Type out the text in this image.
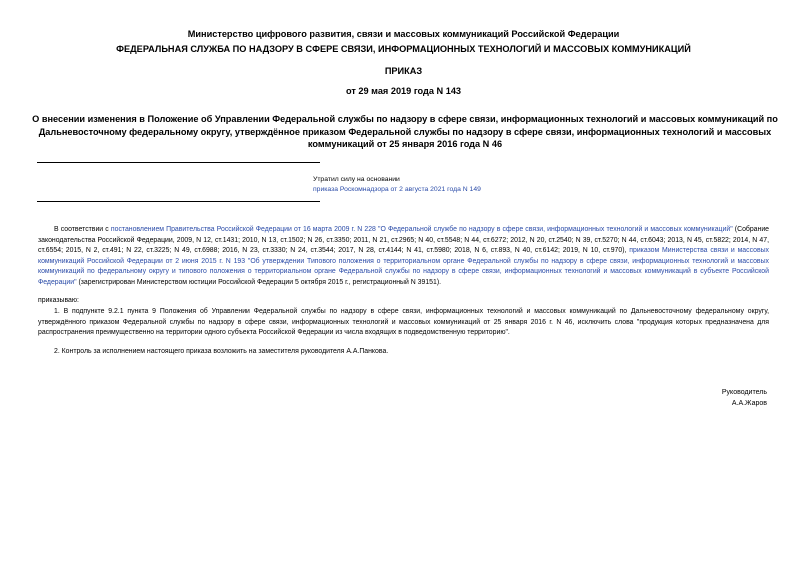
Министерство цифрового развития, связи и массовых коммуникаций Российской Федерации
ФЕДЕРАЛЬНАЯ СЛУЖБА ПО НАДЗОРУ В СФЕРЕ СВЯЗИ, ИНФОРМАЦИОННЫХ ТЕХНОЛОГИЙ И МАССОВЫХ КОММУНИКАЦИЙ
ПРИКАЗ
от 29 мая 2019 года N 143
О внесении изменения в Положение об Управлении Федеральной службы по надзору в сфере связи, информационных технологий и массовых коммуникаций по Дальневосточному федеральному округу, утверждённое приказом Федеральной службы по надзору в сфере связи, информационных технологий и массовых коммуникаций от 25 января 2016 года N 46
Утратил силу на основании
приказа Роскомнадзора от 2 августа 2021 года N 149
В соответствии с постановлением Правительства Российской Федерации от 16 марта 2009 г. N 228 "О Федеральной службе по надзору в сфере связи, информационных технологий и массовых коммуникаций" (Собрание законодательства Российской Федерации, 2009, N 12, ст.1431; 2010, N 13, ст.1502; N 26, ст.3350; 2011, N 21, ст.2965; N 40, ст.5548; N 44, ст.6272; 2012, N 20, ст.2540; N 39, ст.5270; N 44, ст.6043; 2013, N 45, ст.5822; 2014, N 47, ст.6554; 2015, N 2, ст.491; N 22, ст.3225; N 49, ст.6988; 2016, N 23, ст.3330; N 24, ст.3544; 2017, N 28, ст.4144; N 41, ст.5980; 2018, N 6, ст.893, N 40, ст.6142; 2019, N 10, ст.970), приказом Министерства связи и массовых коммуникаций Российской Федерации от 2 июня 2015 г. N 193 "Об утверждении Типового положения о территориальном органе Федеральной службы по надзору в сфере связи, информационных технологий и массовых коммуникаций по федеральному округу и типового положения о территориальном органе Федеральной службы по надзору в сфере связи, информационных технологий и массовых коммуникаций в субъекте Российской Федерации" (зарегистрирован Министерством юстиции Российской Федерации 5 октября 2015 г., регистрационный N 39151).
приказываю:
1. В подпункте 9.2.1 пункта 9 Положения об Управлении Федеральной службы по надзору в сфере связи, информационных технологий и массовых коммуникаций по Дальневосточному федеральному округу, утверждённого приказом Федеральной службы по надзору в сфере связи, информационных технологий и массовых коммуникаций от 25 января 2016 г. N 46, исключить слова "продукция которых предназначена для распространения преимущественно на территории одного субъекта Российской Федерации из числа входящих в подведомственную территорию".
2. Контроль за исполнением настоящего приказа возложить на заместителя руководителя А.А.Панкова.
Руководитель
А.А.Жаров
